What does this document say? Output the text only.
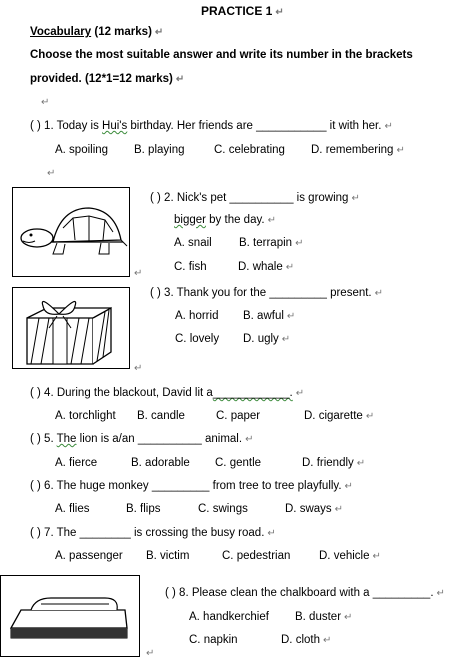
PRACTICE 1 ↵
Vocabulary (12 marks) ↵
Choose the most suitable answer and write its number in the brackets
provided. (12*1=12 marks) ↵
↵
( ) 1. Today is Hui's birthday. Her friends are ___________ it with her. ↵
A. spoiling B. playing	C. celebrating D. remembering ↵
↵
↵
( ) 2. Nick's pet __________ is growing ↵
bigger by the day. ↵
A. snail B. terrapin ↵
C. fish	D. whale ↵
↵
( ) 3. Thank you for the _________ present. ↵
A. horrid B. awful ↵
C. lovely D. ugly ↵
( ) 4. During the blackout, David lit a____________. ↵
A. torchlight B. candle	C. paper	D. cigarette ↵
( ) 5. The lion is a/an __________ animal. ↵
A. fierce	B. adorable C. gentle	D. friendly ↵
( ) 6. The huge monkey _________ from tree to tree playfully. ↵
A. flies	B. flips	C. swings	D. sways ↵
( ) 7. The ________ is crossing the busy road. ↵
A. passenger B. victim	C. pedestrian D. vehicle ↵
↵
( ) 8. Please clean the chalkboard with a _________. ↵
A. handkerchief B. duster ↵
C. napkin	D. cloth ↵
